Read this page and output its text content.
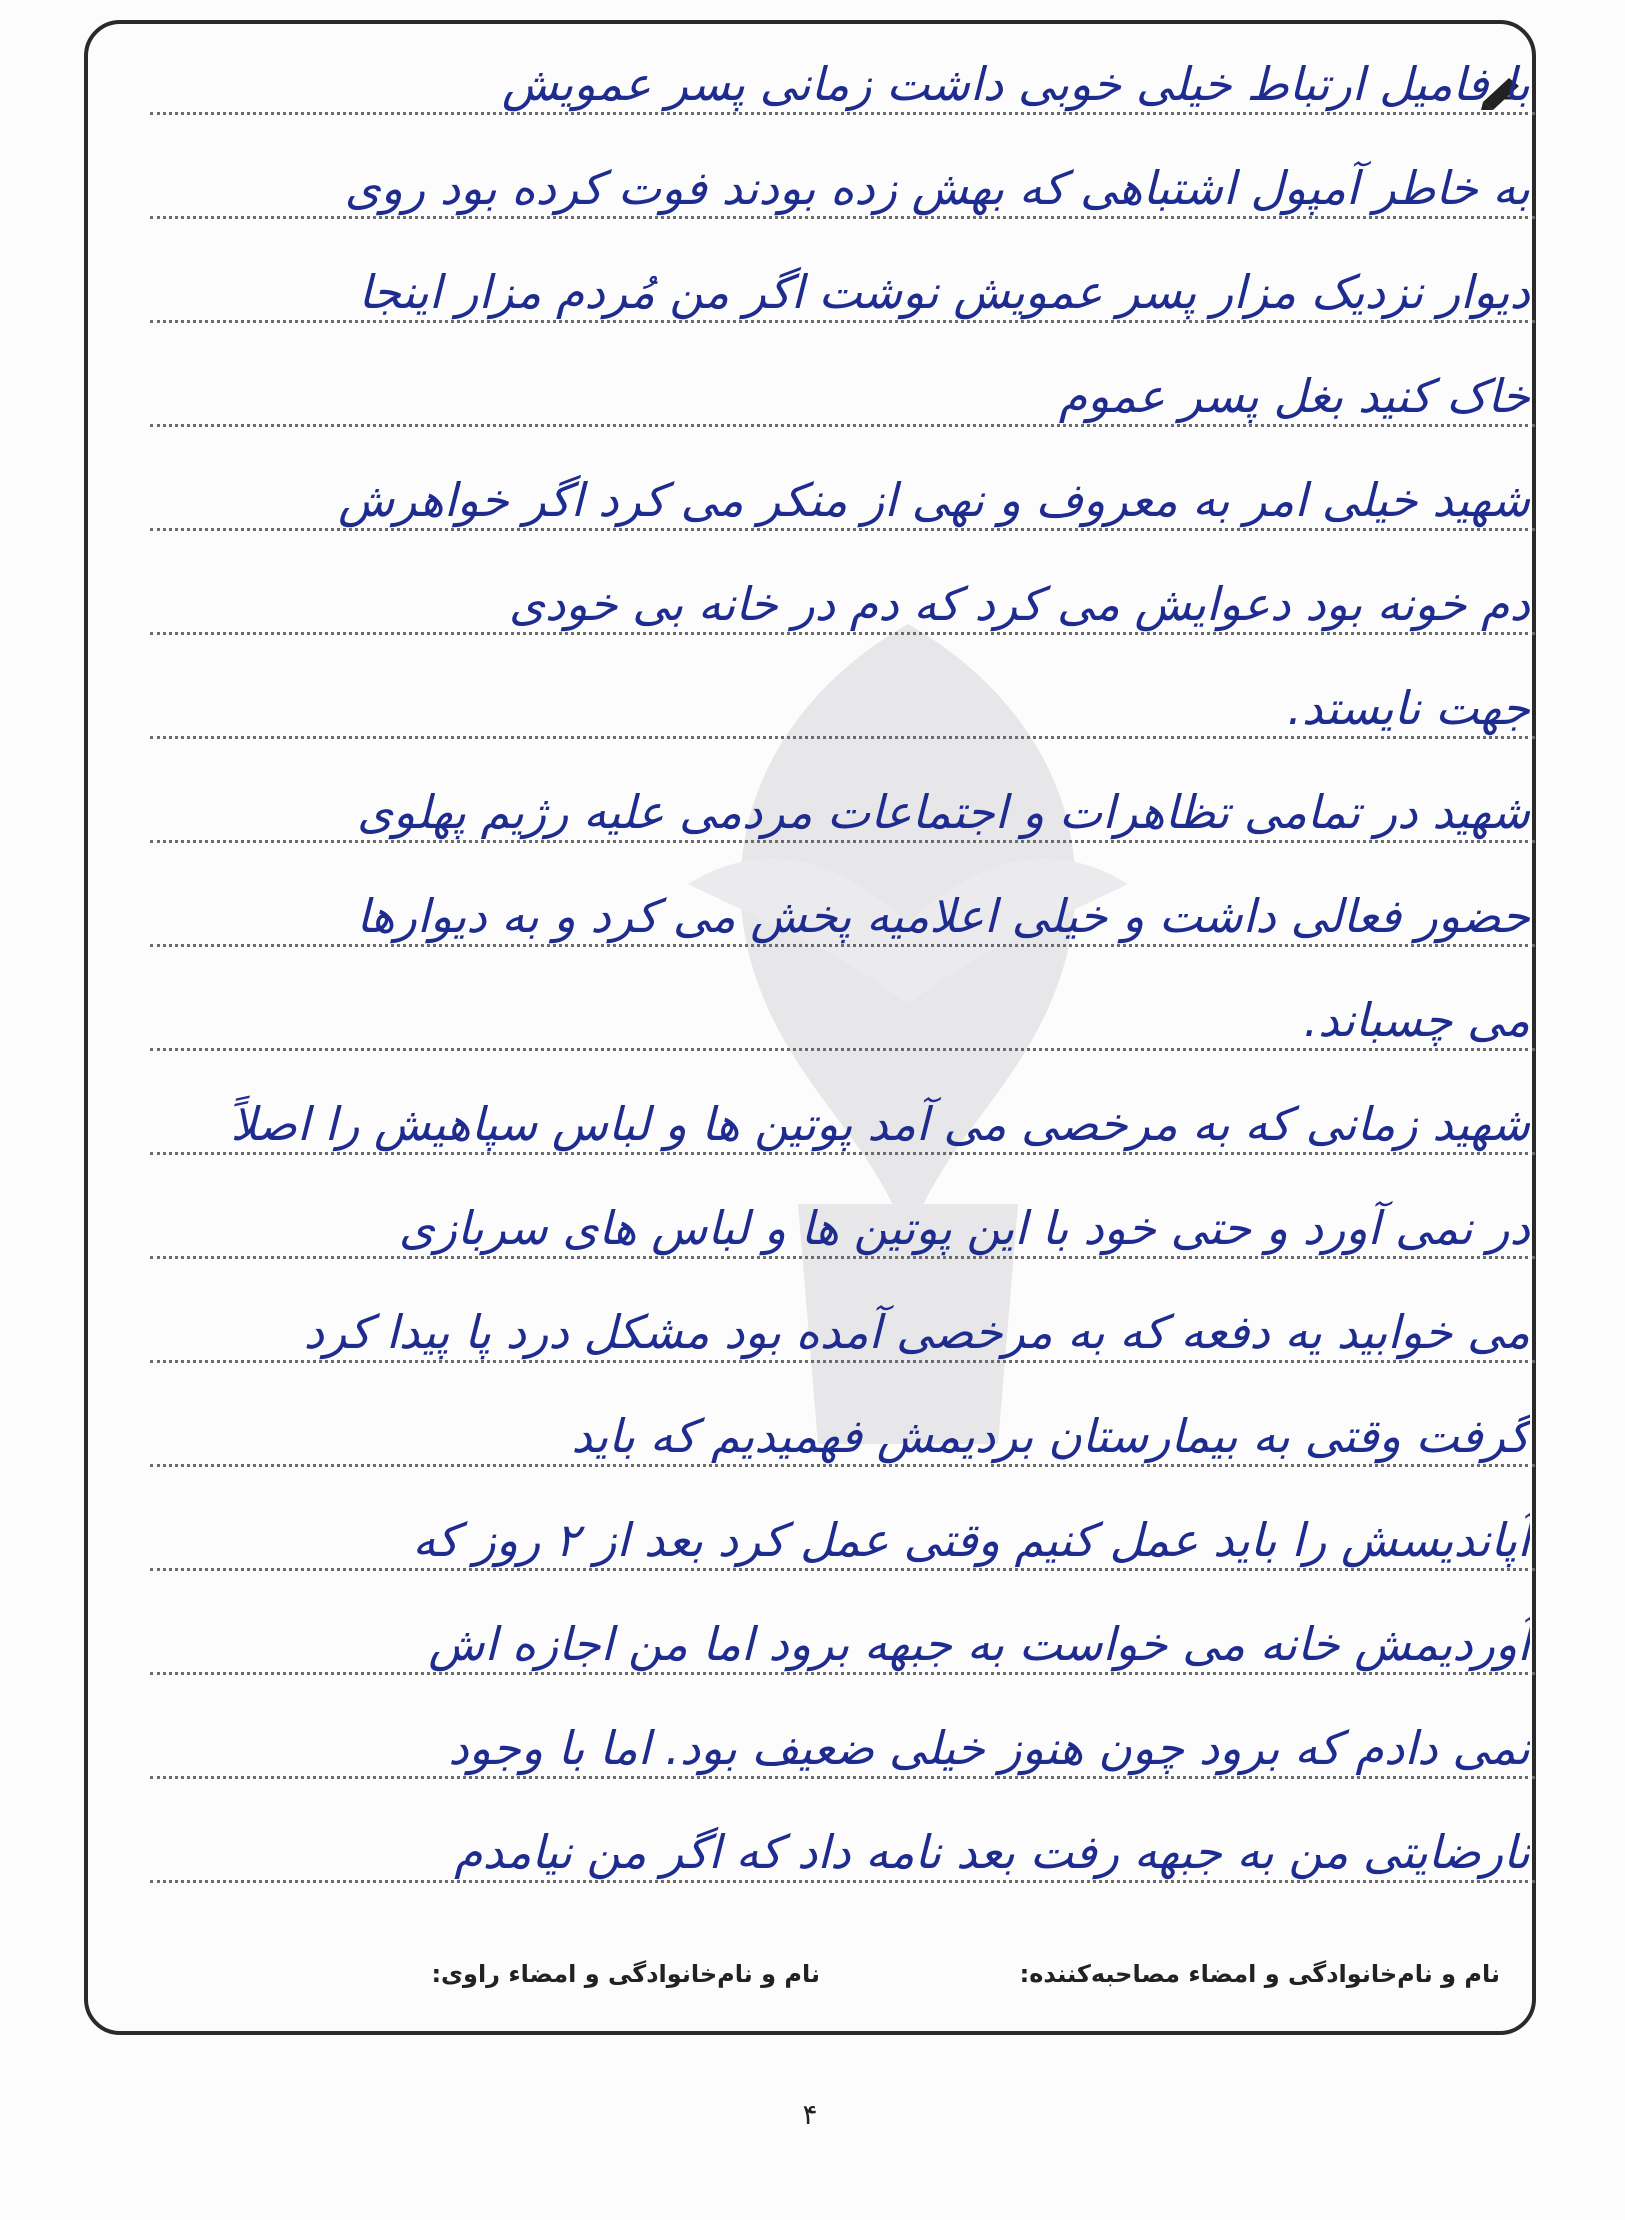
با فامیل ارتباط خیلی خوبی داشت زمانی پسر عمویش
به خاطر آمپول اشتباهی که بهش زده بودند فوت کرده بود روی
دیوار نزدیک مزار پسر عمویش نوشت اگر من مُردم مزار اینجا
خاک کنید بغل پسر عموم
شهید خیلی امر به معروف و نهی از منکر می کرد اگر خواهرش
دم خونه بود دعوایش می کرد که دم در خانه بی خودی
جهت نایستد.
شهید در تمامی تظاهرات و اجتماعات مردمی علیه رژیم پهلوی
حضور فعالی داشت و خیلی اعلامیه پخش می کرد و به دیوارها
می چسباند.
شهید زمانی که به مرخصی می آمد پوتین ها و لباس سپاهیش را اصلاً
در نمی آورد و حتی خود با این پوتین ها و لباس های سربازی
می خوابید یه دفعه که به مرخصی آمده بود مشکل درد پا پیدا کرد
گرفت وقتی به بیمارستان بردیمش فهمیدیم که باید
آپاندیسش را باید عمل کنیم وقتی عمل کرد بعد از ۲ روز که
آوردیمش خانه می خواست به جبهه برود اما من اجازه اش
نمی دادم که برود چون هنوز خیلی ضعیف بود. اما با وجود
نارضایتی من به جبهه رفت بعد نامه داد که اگر من نیامدم
نام و نام‌خانوادگی و امضاء مصاحبه‌کننده:
نام و نام‌خانوادگی و امضاء راوی:
۴
